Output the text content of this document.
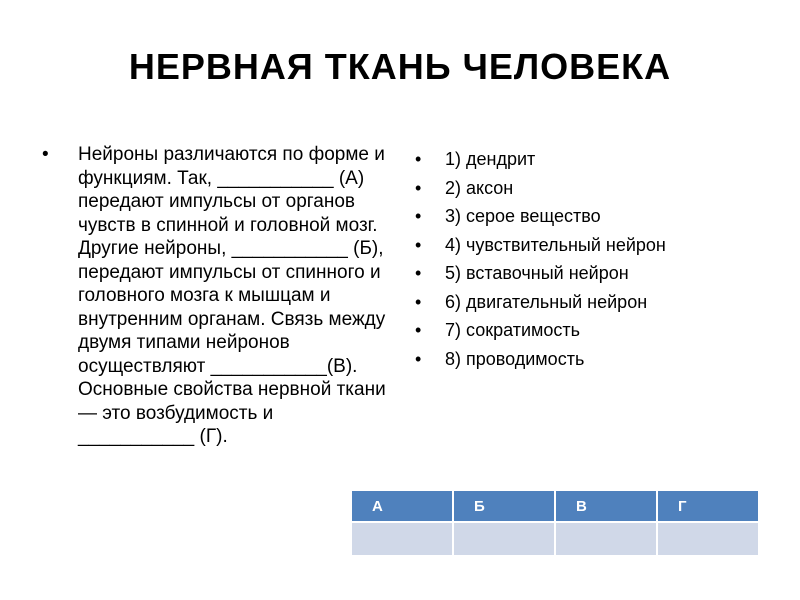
НЕРВНАЯ ТКАНЬ ЧЕЛОВЕКА
•	Нейроны различаются по форме и функциям. Так, ___________ (А) передают импульсы от органов чувств в спинной и головной мозг. Другие нейроны, ___________ (Б), передают импульсы от спинного и головного мозга к мышцам и внутренним органам. Связь между двумя типами нейронов осуществляют ___________(В). Основные свойства нервной ткани — это возбудимость и ___________ (Г).
•	1) дендрит
•	2) аксон
•	3) серое вещество
•	4) чувствительный нейрон
•	5) вставочный нейрон
•	6) двигательный нейрон
•	7) сократимость
•	8) проводимость
А	Б	В	Г
